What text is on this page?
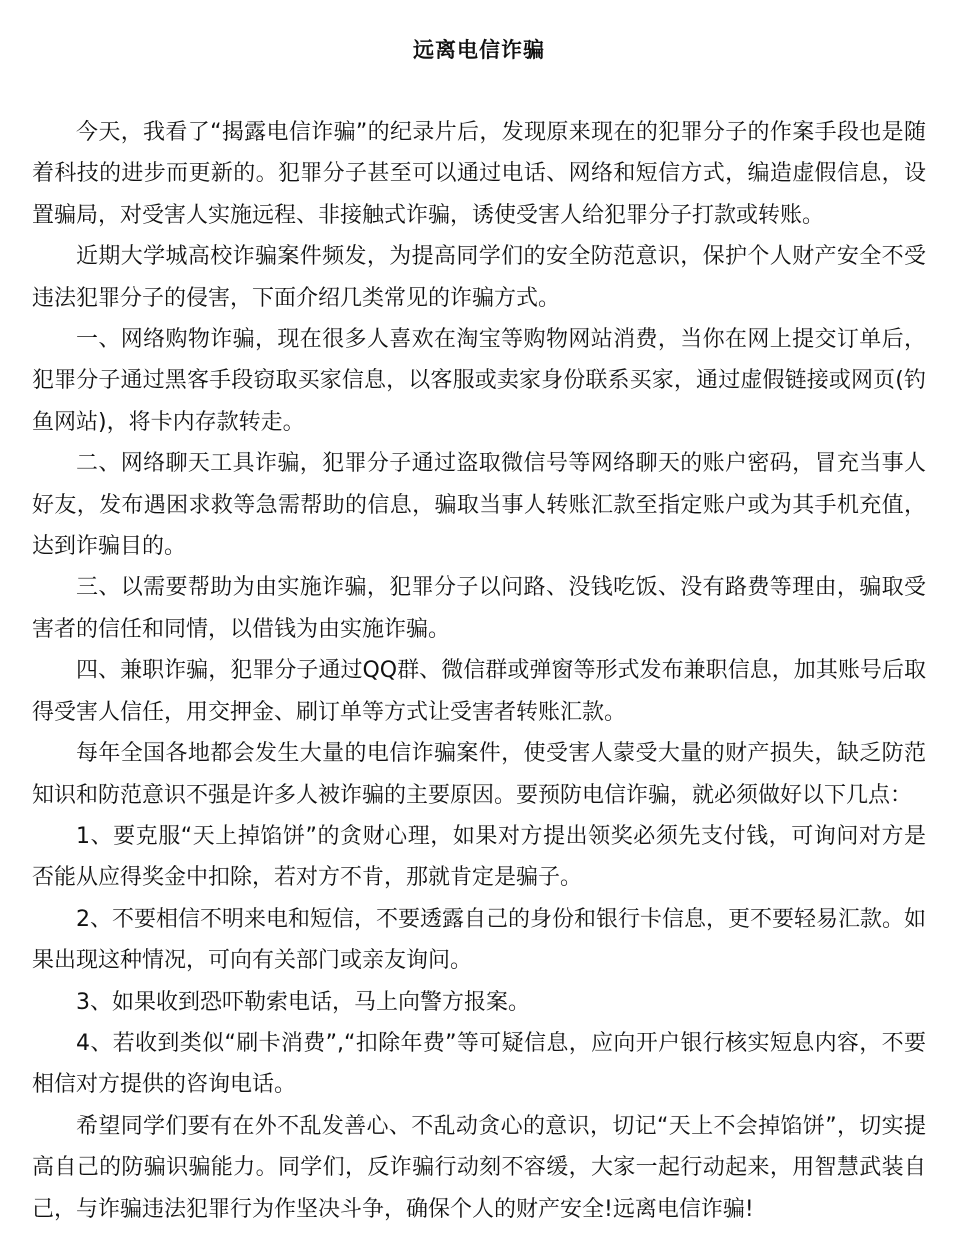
远离电信诈骗

今天，我看了“揭露电信诈骗”的纪录片后，发现原来现在的犯罪分子的作案手段也是随着科技的进步而更新的。犯罪分子甚至可以通过电话、网络和短信方式，编造虚假信息，设置骗局，对受害人实施远程、非接触式诈骗，诱使受害人给犯罪分子打款或转账。

近期大学城高校诈骗案件频发，为提高同学们的安全防范意识，保护个人财产安全不受违法犯罪分子的侵害，下面介绍几类常见的诈骗方式。

一、网络购物诈骗，现在很多人喜欢在淘宝等购物网站消费，当你在网上提交订单后，犯罪分子通过黑客手段窃取买家信息，以客服或卖家身份联系买家，通过虚假链接或网页(钓鱼网站)，将卡内存款转走。

二、网络聊天工具诈骗，犯罪分子通过盗取微信号等网络聊天的账户密码，冒充当事人好友，发布遇困求救等急需帮助的信息，骗取当事人转账汇款至指定账户或为其手机充值，达到诈骗目的。

三、以需要帮助为由实施诈骗，犯罪分子以问路、没钱吃饭、没有路费等理由，骗取受害者的信任和同情，以借钱为由实施诈骗。

四、兼职诈骗，犯罪分子通过QQ群、微信群或弹窗等形式发布兼职信息，加其账号后取得受害人信任，用交押金、刷订单等方式让受害者转账汇款。

每年全国各地都会发生大量的电信诈骗案件，使受害人蒙受大量的财产损失，缺乏防范知识和防范意识不强是许多人被诈骗的主要原因。要预防电信诈骗，就必须做好以下几点：

1、要克服“天上掉馅饼”的贪财心理，如果对方提出领奖必须先支付钱，可询问对方是否能从应得奖金中扣除，若对方不肯，那就肯定是骗子。

2、不要相信不明来电和短信，不要透露自己的身份和银行卡信息，更不要轻易汇款。如果出现这种情况，可向有关部门或亲友询问。

3、如果收到恐吓勒索电话，马上向警方报案。

4、若收到类似“刷卡消费”,“扣除年费”等可疑信息，应向开户银行核实短息内容，不要相信对方提供的咨询电话。

希望同学们要有在外不乱发善心、不乱动贪心的意识，切记“天上不会掉馅饼”，切实提高自己的防骗识骗能力。同学们，反诈骗行动刻不容缓，大家一起行动起来，用智慧武装自己，与诈骗违法犯罪行为作坚决斗争，确保个人的财产安全!远离电信诈骗!
